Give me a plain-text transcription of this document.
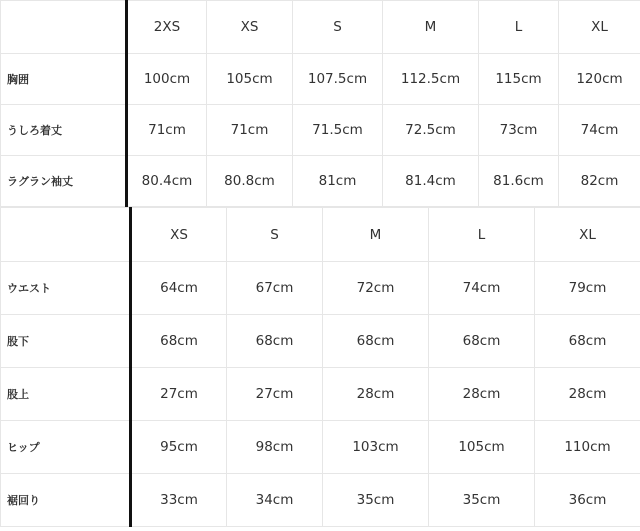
	2XS	XS	S	M	L	XL
胸囲	100cm	105cm	107.5cm	112.5cm	115cm	120cm
うしろ着丈	71cm	71cm	71.5cm	72.5cm	73cm	74cm
ラグラン袖丈	80.4cm	80.8cm	81cm	81.4cm	81.6cm	82cm
	XS	S	M	L	XL
ウエスト	64cm	67cm	72cm	74cm	79cm
股下	68cm	68cm	68cm	68cm	68cm
股上	27cm	27cm	28cm	28cm	28cm
ヒップ	95cm	98cm	103cm	105cm	110cm
裾回り	33cm	34cm	35cm	35cm	36cm
